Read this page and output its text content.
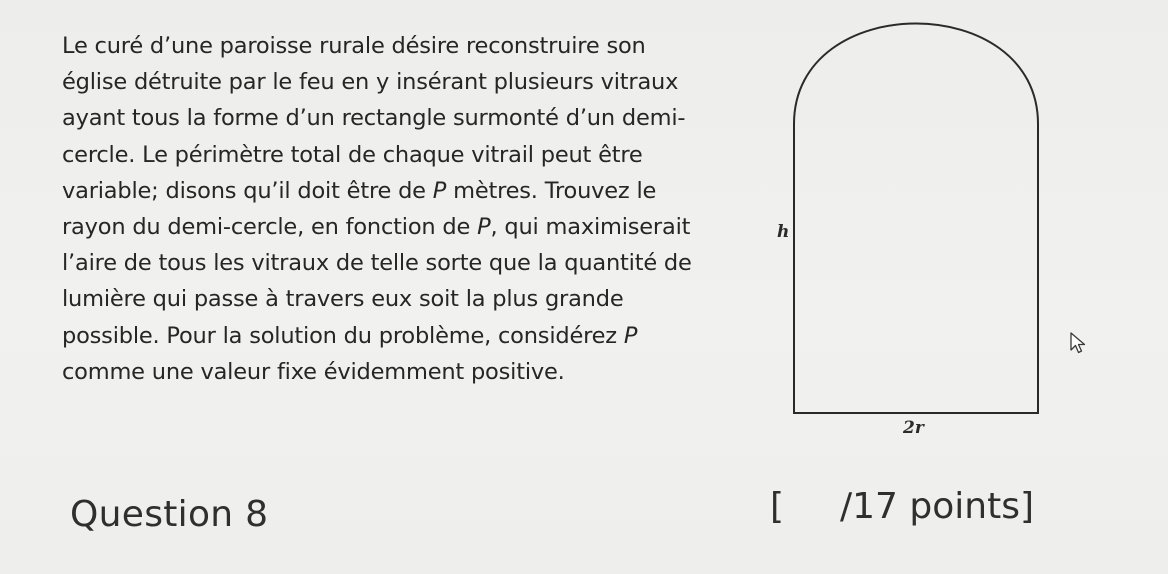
Le curé d’une paroisse rurale désire reconstruire son
église détruite par le feu en y insérant plusieurs vitraux
ayant tous la forme d’un rectangle surmonté d’un demi-
cercle. Le périmètre total de chaque vitrail peut être
variable; disons qu’il doit être de P mètres. Trouvez le
rayon du demi-cercle, en fonction de P, qui maximiserait
l’aire de tous les vitraux de telle sorte que la quantité de
lumière qui passe à travers eux soit la plus grande
possible. Pour la solution du problème, considérez P
comme une valeur fixe évidemment positive.

h
2r
Question 8	[ /17 points]
